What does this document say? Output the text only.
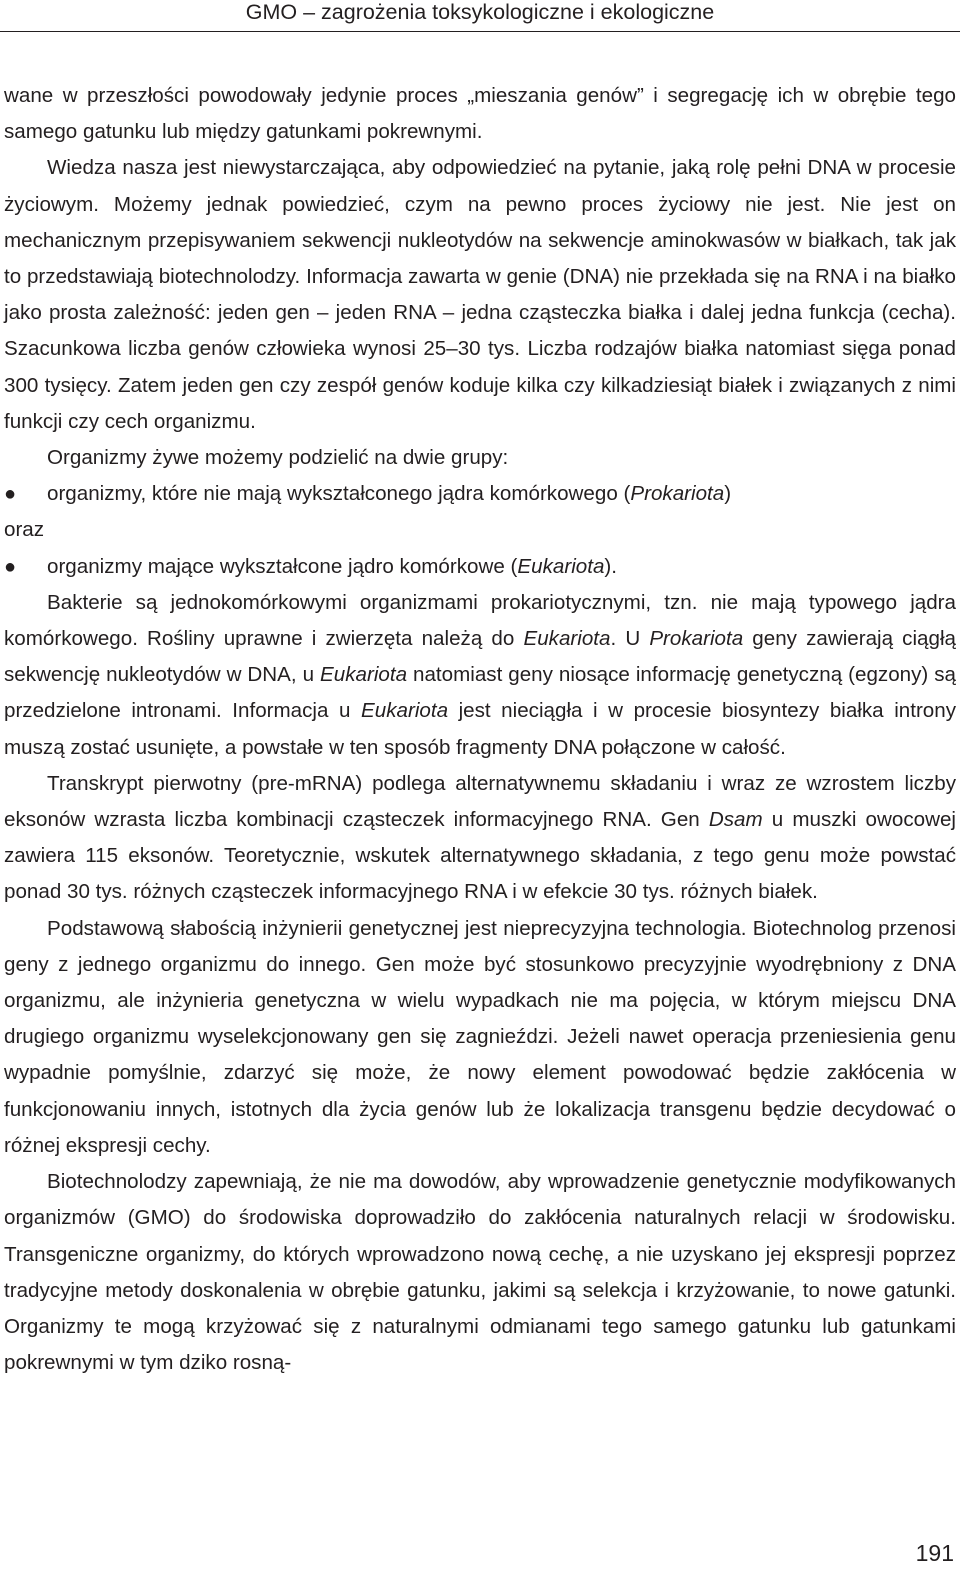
GMO – zagrożenia toksykologiczne i ekologiczne

wane w przeszłości powodowały jedynie proces „mieszania genów” i segregację ich w obrębie tego samego gatunku lub między gatunkami pokrewnymi.

Wiedza nasza jest niewystarczająca, aby odpowiedzieć na pytanie, jaką rolę pełni DNA w procesie życiowym. Możemy jednak powiedzieć, czym na pewno proces życiowy nie jest. Nie jest on mechanicznym przepisywaniem sekwencji nukleotydów na sekwencje aminokwasów w białkach, tak jak to przedstawiają biotechnolodzy. Informacja zawarta w genie (DNA) nie przekłada się na RNA i na białko jako prosta zależność: jeden gen – jeden RNA – jedna cząsteczka białka i dalej jedna funkcja (cecha). Szacunkowa liczba genów człowieka wynosi 25–30 tys. Liczba rodzajów białka natomiast sięga ponad 300 tysięcy. Zatem jeden gen czy zespół genów koduje kilka czy kilkadziesiąt białek i związanych z nimi funkcji czy cech organizmu.

Organizmy żywe możemy podzielić na dwie grupy:

●	organizmy, które nie mają wykształconego jądra komórkowego (Prokariota)

oraz

●	organizmy mające wykształcone jądro komórkowe (Eukariota).

Bakterie są jednokomórkowymi organizmami prokariotycznymi, tzn. nie mają typowego jądra komórkowego. Rośliny uprawne i zwierzęta należą do Eukariota. U Prokariota geny zawierają ciągłą sekwencję nukleotydów w DNA, u Eukariota natomiast geny niosące informację genetyczną (egzony) są przedzielone intronami. Informacja u Eukariota jest nieciągła i w procesie biosyntezy białka introny muszą zostać usunięte, a powstałe w ten sposób fragmenty DNA połączone w całość.

Transkrypt pierwotny (pre-mRNA) podlega alternatywnemu składaniu i wraz ze wzrostem liczby eksonów wzrasta liczba kombinacji cząsteczek informacyjnego RNA. Gen Dsam u muszki owocowej zawiera 115 eksonów. Teoretycznie, wskutek alternatywnego składania, z tego genu może powstać ponad 30 tys. różnych cząsteczek informacyjnego RNA i w efekcie 30 tys. różnych białek.

Podstawową słabością inżynierii genetycznej jest nieprecyzyjna technologia. Biotechnolog przenosi geny z jednego organizmu do innego. Gen może być stosunkowo precyzyjnie wyodrębniony z DNA organizmu, ale inżynieria genetyczna w wielu wypadkach nie ma pojęcia, w którym miejscu DNA drugiego organizmu wyselekcjonowany gen się zagnieździ. Jeżeli nawet operacja przeniesienia genu wypadnie pomyślnie, zdarzyć się może, że nowy element powodować będzie zakłócenia w funkcjonowaniu innych, istotnych dla życia genów lub że lokalizacja transgenu będzie decydować o różnej ekspresji cechy.

Biotechnolodzy zapewniają, że nie ma dowodów, aby wprowadzenie genetycznie modyfikowanych organizmów (GMO) do środowiska doprowadziło do zakłócenia naturalnych relacji w środowisku. Transgeniczne organizmy, do których wprowadzono nową cechę, a nie uzyskano jej ekspresji poprzez tradycyjne metody doskonalenia w obrębie gatunku, jakimi są selekcja i krzyżowanie, to nowe gatunki. Organizmy te mogą krzyżować się z naturalnymi odmianami tego samego gatunku lub gatunkami pokrewnymi w tym dziko rosną-

191
